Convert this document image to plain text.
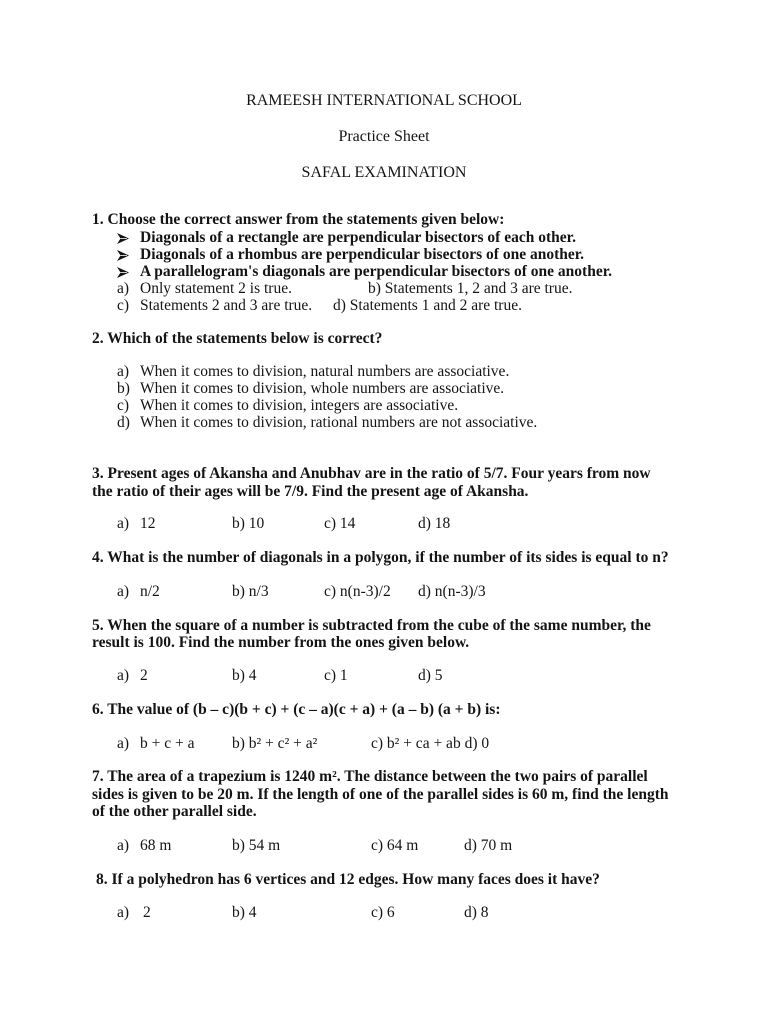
RAMEESH INTERNATIONAL SCHOOL
Practice Sheet
SAFAL EXAMINATION
1. Choose the correct answer from the statements given below:
Diagonals of a rectangle are perpendicular bisectors of each other.
Diagonals of a rhombus are perpendicular bisectors of one another.
A parallelogram's diagonals are perpendicular bisectors of one another.
a) Only statement 2 is true.	b) Statements 1, 2 and 3 are true.
c) Statements 2 and 3 are true. d) Statements 1 and 2 are true.
2. Which of the statements below is correct?
a) When it comes to division, natural numbers are associative.
b) When it comes to division, whole numbers are associative.
c) When it comes to division, integers are associative.
d) When it comes to division, rational numbers are not associative.
3. Present ages of Akansha and Anubhav are in the ratio of 5/7. Four years from now
the ratio of their ages will be 7/9. Find the present age of Akansha.
a) 12	b) 10	c) 14	d) 18
4. What is the number of diagonals in a polygon, if the number of its sides is equal to n?
a) n/2	b) n/3	c) n(n-3)/2 d) n(n-3)/3
5. When the square of a number is subtracted from the cube of the same number, the
result is 100. Find the number from the ones given below.
a) 2	b) 4	c) 1	d) 5
6. The value of (b – c)(b + c) + (c – a)(c + a) + (a – b) (a + b) is:
a) b + c + a b) b² + c² + a²	c) b² + ca + ab d) 0
7. The area of a trapezium is 1240 m². The distance between the two pairs of parallel
sides is given to be 20 m. If the length of one of the parallel sides is 60 m, find the length
of the other parallel side.
a) 68 m	b) 54 m	c) 64 m	d) 70 m
8. If a polyhedron has 6 vertices and 12 edges. How many faces does it have?
a) 2	b) 4	c) 6	d) 8
